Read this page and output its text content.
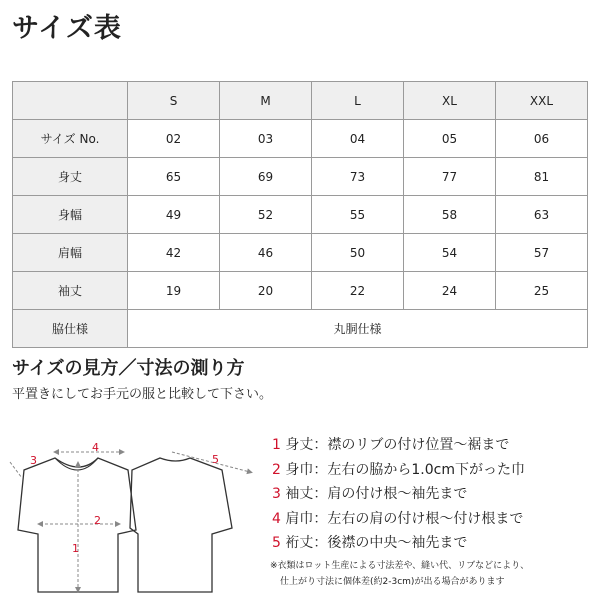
サイズ表
	S	M	L	XL	XXL
サイズ No.	02	03	04	05	06
身丈	65	69	73	77	81
身幅	49	52	55	58	63
肩幅	42	46	50	54	57
袖丈	19	20	22	24	25
脇仕様	丸胴仕様				
サイズの見方／寸法の測り方
平置きにしてお手元の服と比較して下さい。
1
2
3
4
5
1 身丈：襟のリブの付け位置〜裾まで
2 身巾：左右の脇から1.0cm下がった巾
3 袖丈：肩の付け根〜袖先まで
4 肩巾：左右の肩の付け根〜付け根まで
5 裄丈：後襟の中央〜袖先まで
※衣類はロット生産による寸法差や、縫い代、リブなどにより、
仕上がり寸法に個体差(約2-3cm)が出る場合があります
